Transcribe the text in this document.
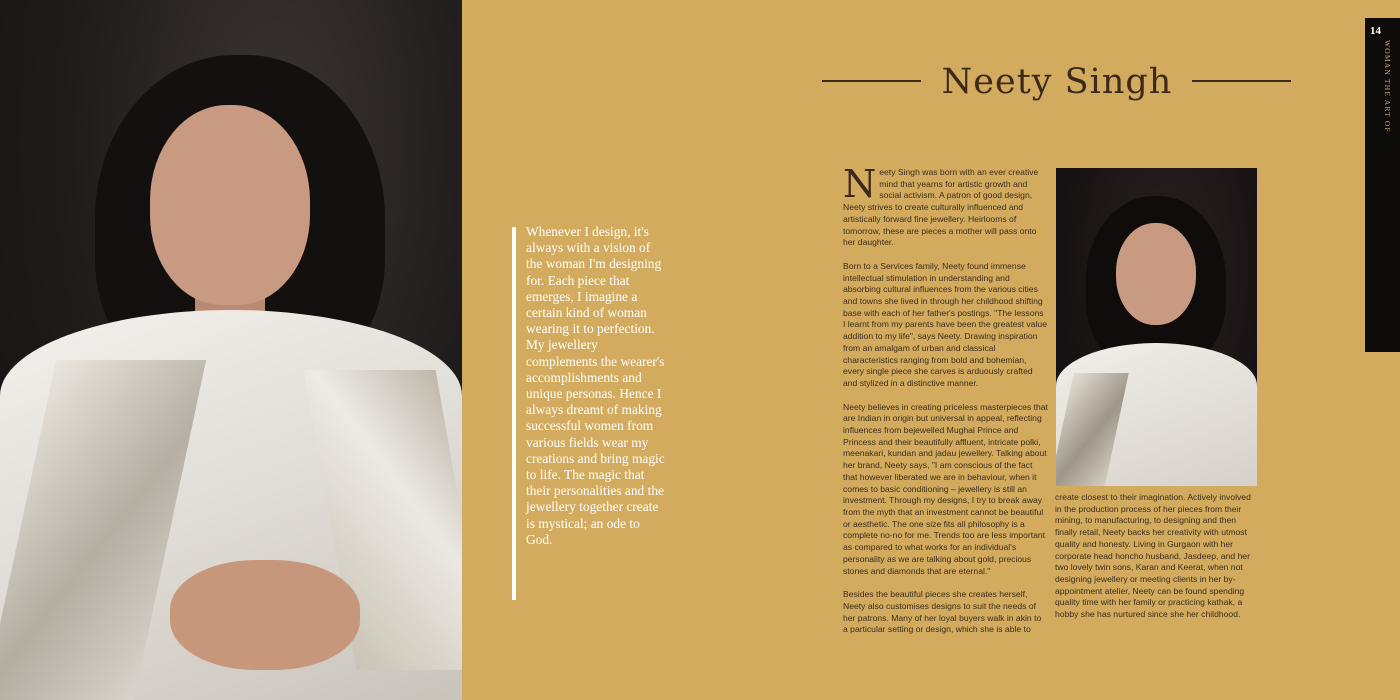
Whenever I design, it's always with a vision of the woman I'm designing for. Each piece that emerges, I imagine a certain kind of woman wearing it to perfection. My jewellery complements the wearer's accomplishments and unique personas. Hence I always dreamt of making successful women from various fields wear my creations and bring magic to life. The magic that their personalities and the jewellery together create is mystical; an ode to God.

Neety Singh

Neety Singh was born with an ever creative mind that yearns for artistic growth and social activism. A patron of good design, Neety strives to create culturally influenced and artistically forward fine jewellery. Heirlooms of tomorrow, these are pieces a mother will pass onto her daughter.

Born to a Services family, Neety found immense intellectual stimulation in understanding and absorbing cultural influences from the various cities and towns she lived in through her childhood shifting base with each of her father's postings. "The lessons I learnt from my parents have been the greatest value addition to my life", says Neety. Drawing inspiration from an amalgam of urban and classical characteristics ranging from bold and bohemian, every single piece she carves is arduously crafted and stylized in a distinctive manner.

Neety believes in creating priceless masterpieces that are Indian in origin but universal in appeal, reflecting influences from bejewelled Mughal Prince and Princess and their beautifully affluent, intricate polki, meenakari, kundan and jadau jewellery. Talking about her brand, Neety says, "I am conscious of the fact that however liberated we are in behaviour, when it comes to basic conditioning – jewellery is still an investment. Through my designs, I try to break away from the myth that an investment cannot be beautiful or aesthetic. The one size fits all philosophy is a complete no-no for me. Trends too are less important as compared to what works for an individual's personality as we are talking about gold, precious stones and diamonds that are eternal."

Besides the beautiful pieces she creates herself, Neety also customises designs to suit the needs of her patrons. Many of her loyal buyers walk in akin to a particular setting or design, which she is able to

create closest to their imagination. Actively involved in the production process of her pieces from their mining, to manufacturing, to designing and then finally retail, Neety backs her creativity with utmost quality and honesty. Living in Gurgaon with her corporate head honcho husband, Jasdeep, and her two lovely twin sons, Karan and Keerat, when not designing jewellery or meeting clients in her by-appointment atelier, Neety can be found spending quality time with her family or practicing kathak, a hobby she has nurtured since she her childhood.

14
WOMAN THE ART OF
